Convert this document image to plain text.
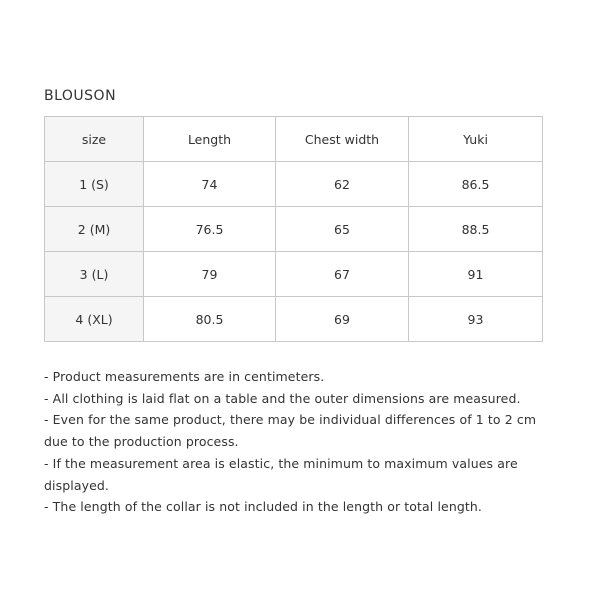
BLOUSON
size	Length	Chest width	Yuki
1 (S)	74	62	86.5
2 (M)	76.5	65	88.5
3 (L)	79	67	91
4 (XL)	80.5	69	93

- Product measurements are in centimeters.

- All clothing is laid flat on a table and the outer dimensions are measured.

- Even for the same product, there may be individual differences of 1 to 2 cm due to the production process.

- If the measurement area is elastic, the minimum to maximum values are displayed.

- The length of the collar is not included in the length or total length.
